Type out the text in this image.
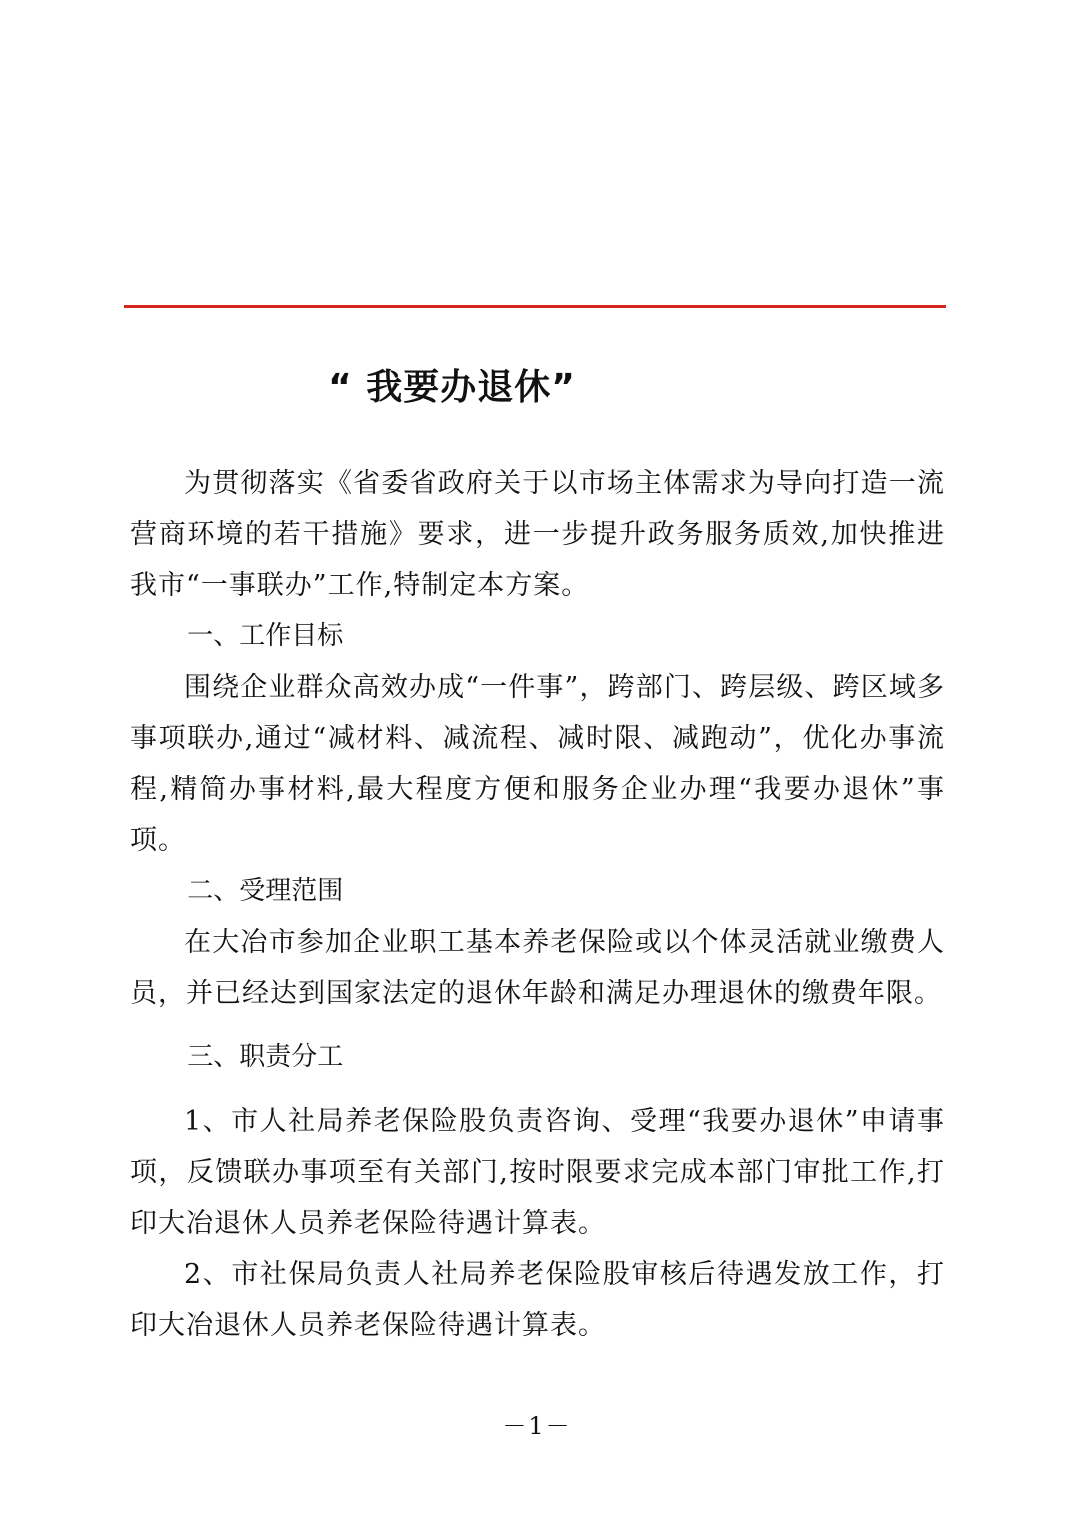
“ 我要办退休”

为贯彻落实《省委省政府关于以市场主体需求为导向打造一流营商环境的若干措施》要求，进一步提升政务服务质效,加快推进我市“一事联办”工作,特制定本方案。

一、工作目标

围绕企业群众高效办成“一件事”，跨部门、跨层级、跨区域多事项联办,通过“减材料、减流程、减时限、减跑动”，优化办事流程,精简办事材料,最大程度方便和服务企业办理“我要办退休”事项。

二、受理范围

在大冶市参加企业职工基本养老保险或以个体灵活就业缴费人员，并已经达到国家法定的退休年龄和满足办理退休的缴费年限。

三、职责分工

1、市人社局养老保险股负责咨询、受理“我要办退休”申请事项，反馈联办事项至有关部门,按时限要求完成本部门审批工作,打印大冶退休人员养老保险待遇计算表。

2、市社保局负责人社局养老保险股审核后待遇发放工作，打印大冶退休人员养老保险待遇计算表。

－1－
